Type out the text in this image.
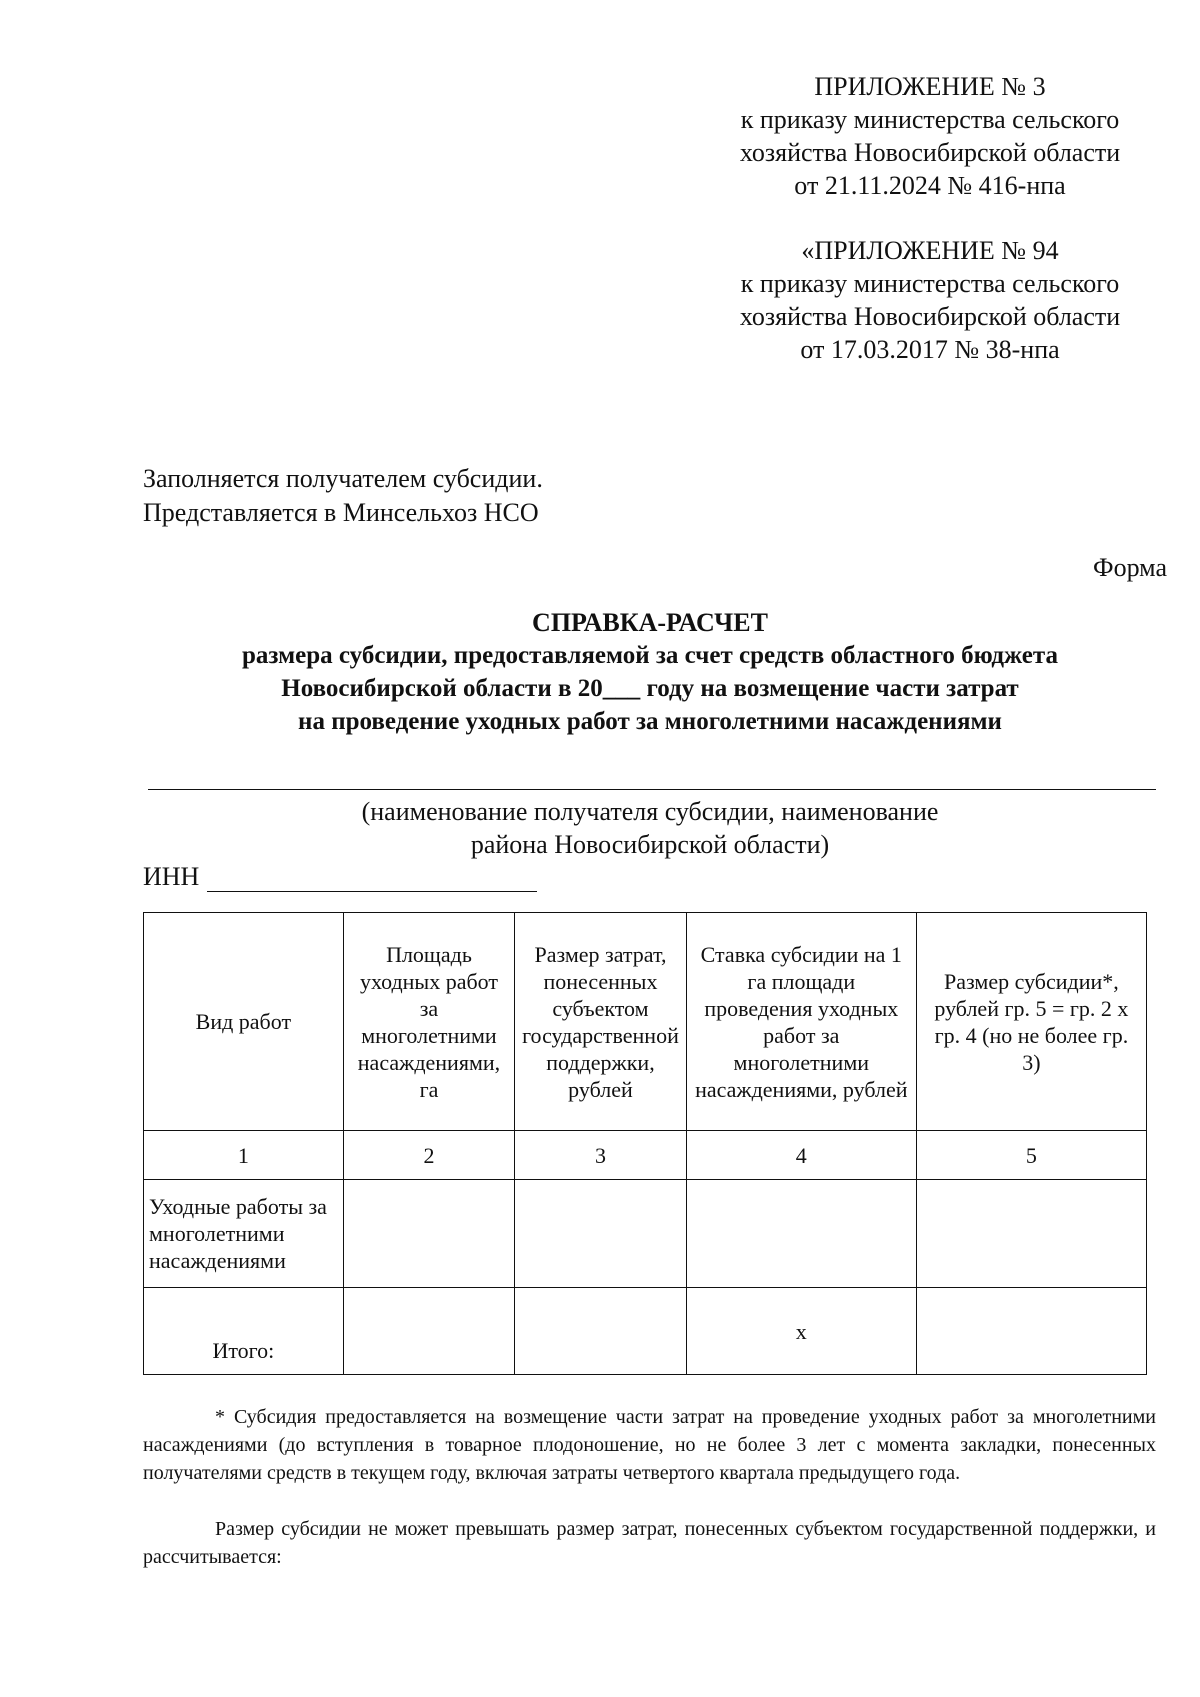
ПРИЛОЖЕНИЕ № 3
к приказу министерства сельского
хозяйства Новосибирской области
от 21.11.2024 № 416-нпа
«ПРИЛОЖЕНИЕ № 94
к приказу министерства сельского
хозяйства Новосибирской области
от 17.03.2017 № 38-нпа
Заполняется получателем субсидии.
Представляется в Минсельхоз НСО
Форма
СПРАВКА-РАСЧЕТ
размера субсидии, предоставляемой за счет средств областного бюджета
Новосибирской области в 20___ году на возмещение части затрат
на проведение уходных работ за многолетними насаждениями
(наименование получателя субсидии, наименование
района Новосибирской области)
ИНН
Вид работ	Площадь уходных работ за многолетними насаждениями, га	Размер затрат, понесенных субъектом государственной поддержки, рублей	Ставка субсидии на 1 га площади проведения уходных работ за многолетними насаждениями, рублей	Размер субсидии*, рублей гр. 5 = гр. 2 х гр. 4 (но не более гр. 3)
1	2	3	4	5
Уходные работы за многолетними насаждениями				
Итого:			х	
* Субсидия предоставляется на возмещение части затрат на проведение уходных работ за многолетними насаждениями (до вступления в товарное плодоношение, но не более 3 лет с момента закладки, понесенных получателями средств в текущем году, включая затраты четвертого квартала предыдущего года.
Размер субсидии не может превышать размер затрат, понесенных субъектом государственной поддержки, и рассчитывается:
